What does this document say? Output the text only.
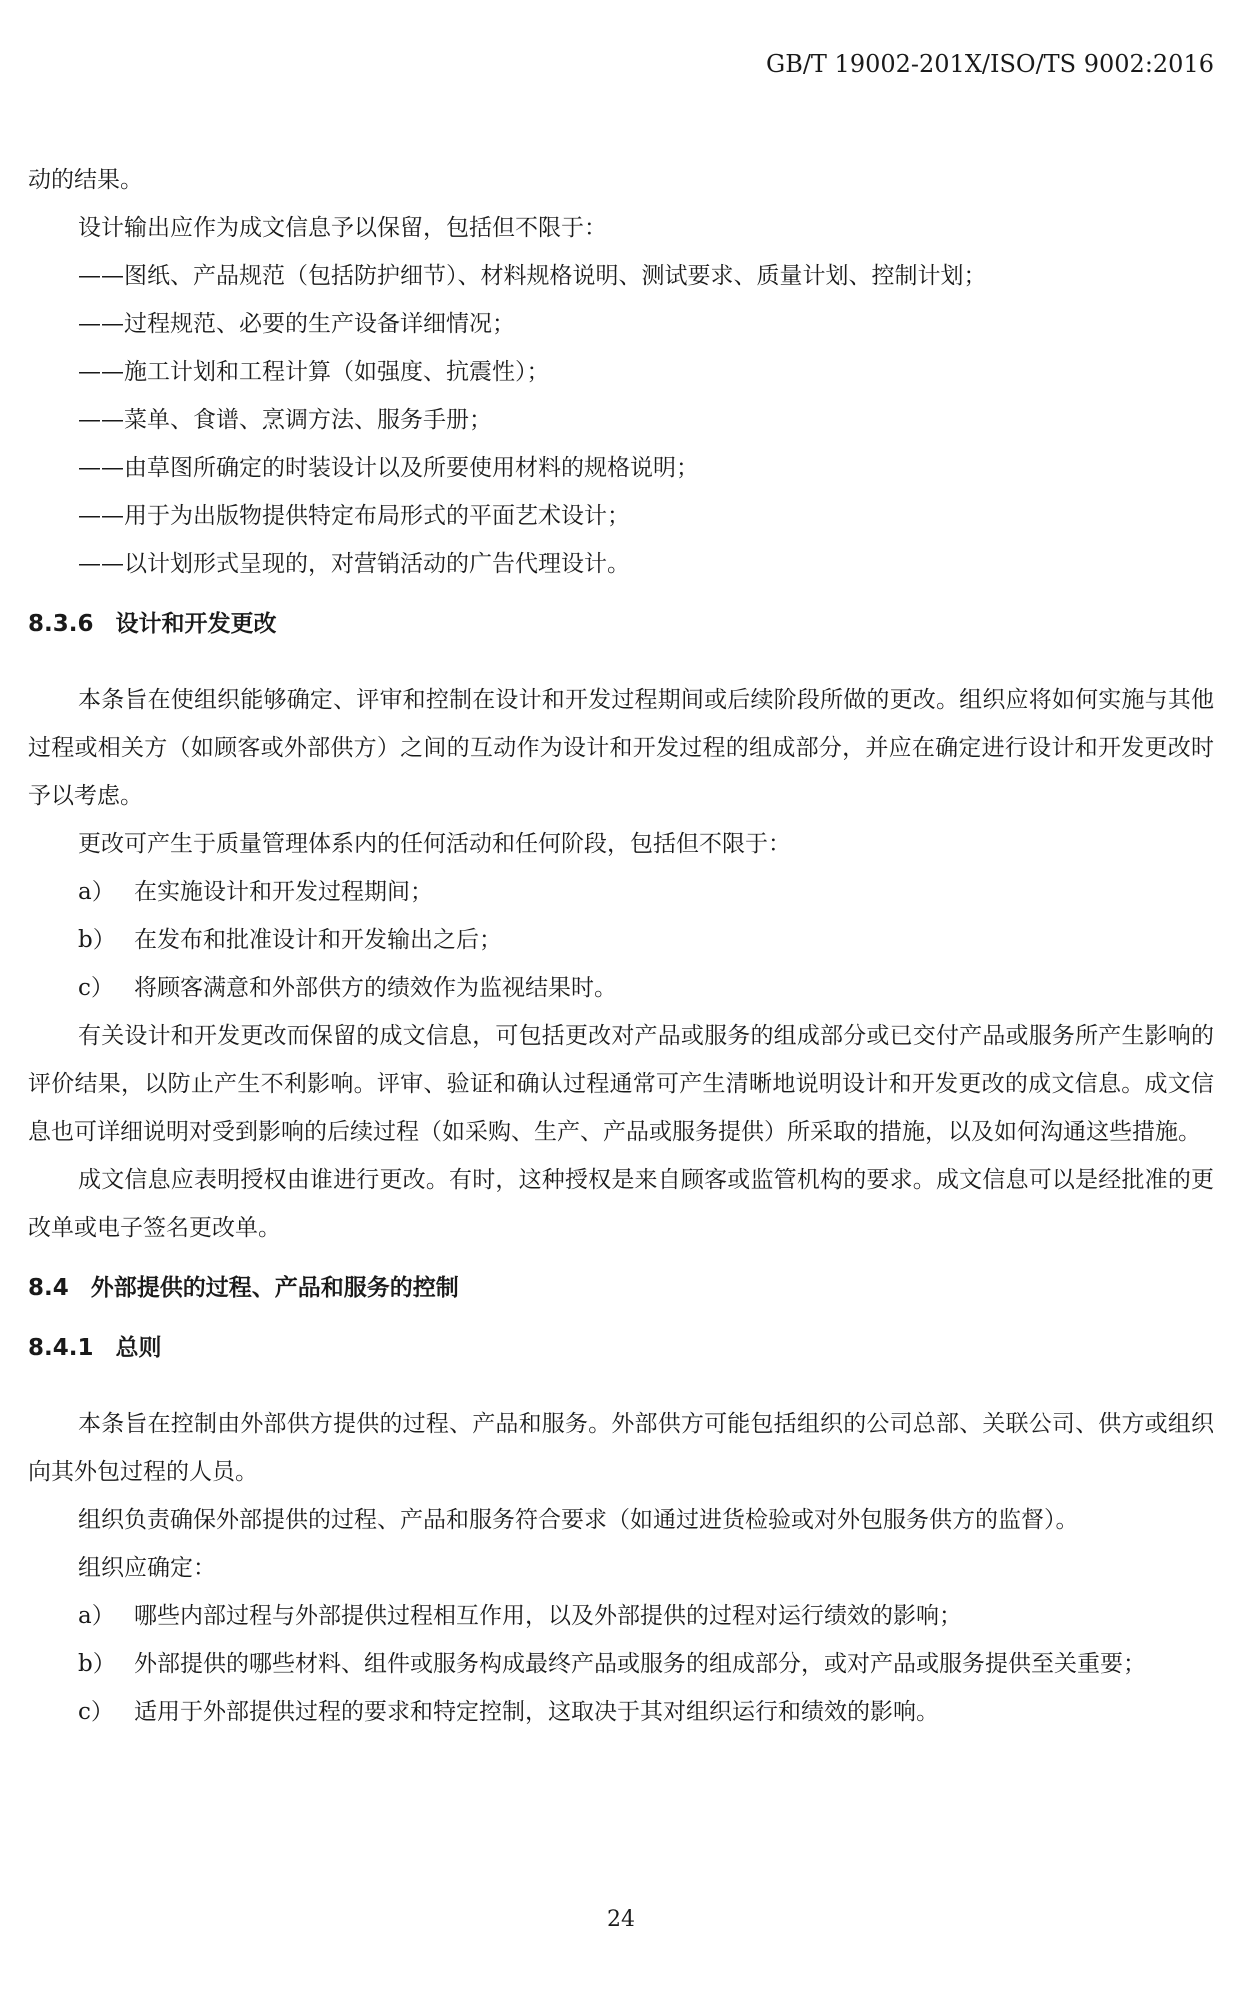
GB/T 19002-201X/ISO/TS 9002:2016
动的结果。
设计输出应作为成文信息予以保留，包括但不限于：
——图纸、产品规范（包括防护细节）、材料规格说明、测试要求、质量计划、控制计划；
——过程规范、必要的生产设备详细情况；
——施工计划和工程计算（如强度、抗震性）；
——菜单、食谱、烹调方法、服务手册；
——由草图所确定的时装设计以及所要使用材料的规格说明；
——用于为出版物提供特定布局形式的平面艺术设计；
——以计划形式呈现的，对营销活动的广告代理设计。
8.3.6 设计和开发更改
本条旨在使组织能够确定、评审和控制在设计和开发过程期间或后续阶段所做的更改。组织应将如何实施与其他过程或相关方（如顾客或外部供方）之间的互动作为设计和开发过程的组成部分，并应在确定进行设计和开发更改时予以考虑。
更改可产生于质量管理体系内的任何活动和任何阶段，包括但不限于：
a） 在实施设计和开发过程期间；
b） 在发布和批准设计和开发输出之后；
c） 将顾客满意和外部供方的绩效作为监视结果时。
有关设计和开发更改而保留的成文信息，可包括更改对产品或服务的组成部分或已交付产品或服务所产生影响的评价结果，以防止产生不利影响。评审、验证和确认过程通常可产生清晰地说明设计和开发更改的成文信息。成文信息也可详细说明对受到影响的后续过程（如采购、生产、产品或服务提供）所采取的措施，以及如何沟通这些措施。
成文信息应表明授权由谁进行更改。有时，这种授权是来自顾客或监管机构的要求。成文信息可以是经批准的更改单或电子签名更改单。
8.4 外部提供的过程、产品和服务的控制
8.4.1 总则
本条旨在控制由外部供方提供的过程、产品和服务。外部供方可能包括组织的公司总部、关联公司、供方或组织向其外包过程的人员。
组织负责确保外部提供的过程、产品和服务符合要求（如通过进货检验或对外包服务供方的监督）。
组织应确定：
a） 哪些内部过程与外部提供过程相互作用，以及外部提供的过程对运行绩效的影响；
b） 外部提供的哪些材料、组件或服务构成最终产品或服务的组成部分，或对产品或服务提供至关重要；
c） 适用于外部提供过程的要求和特定控制，这取决于其对组织运行和绩效的影响。
24
